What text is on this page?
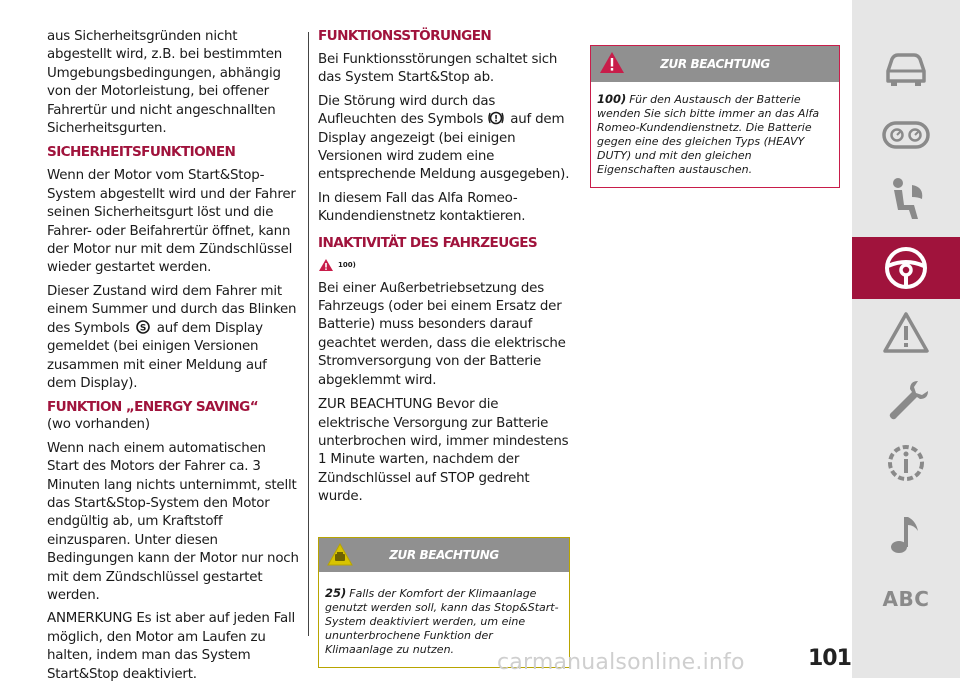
aus Sicherheitsgründen nicht abgestellt wird, z.B. bei bestimmten Umgebungsbedingungen, abhängig von der Motorleistung, bei offener Fahrertür und nicht angeschnallten Sicherheitsgurten.

SICHERHEITSFUNKTIONEN

Wenn der Motor vom Start&Stop-System abgestellt wird und der Fahrer seinen Sicherheitsgurt löst und die Fahrer- oder Beifahrertür öffnet, kann der Motor nur mit dem Zündschlüssel wieder gestartet werden.

Dieser Zustand wird dem Fahrer mit einem Summer und durch das Blinken des Symbols S auf dem Display gemeldet (bei einigen Versionen zusammen mit einer Meldung auf dem Display).

FUNKTION „ENERGY SAVING“

(wo vorhanden)

Wenn nach einem automatischen Start des Motors der Fahrer ca. 3 Minuten lang nichts unternimmt, stellt das Start&Stop-System den Motor endgültig ab, um Kraftstoff einzusparen. Unter diesen Bedingungen kann der Motor nur noch mit dem Zündschlüssel gestartet werden.

ANMERKUNG Es ist aber auf jeden Fall möglich, den Motor am Laufen zu halten, indem man das System Start&Stop deaktiviert.

FUNKTIONSSTÖRUNGEN

Bei Funktionsstörungen schaltet sich das System Start&Stop ab.

Die Störung wird durch das Aufleuchten des Symbols ! auf dem Display angezeigt (bei einigen Versionen wird zudem eine entsprechende Meldung ausgegeben).

In diesem Fall das Alfa Romeo-Kundendienstnetz kontaktieren.

INAKTIVITÄT DES FAHRZEUGES
100)

Bei einer Außerbetriebsetzung des Fahrzeugs (oder bei einem Ersatz der Batterie) muss besonders darauf geachtet werden, dass die elektrische Stromversorgung von der Batterie abgeklemmt wird.

ZUR BEACHTUNG Bevor die elektrische Versorgung zur Batterie unterbrochen wird, immer mindestens 1 Minute warten, nachdem der Zündschlüssel auf STOP gedreht wurde.

ZUR BEACHTUNG
25) Falls der Komfort der Klimaanlage genutzt werden soll, kann das Stop&Start-System deaktiviert werden, um eine ununterbrochene Funktion der Klimaanlage zu nutzen.
ZUR BEACHTUNG
100) Für den Austausch der Batterie wenden Sie sich bitte immer an das Alfa Romeo-Kundendienstnetz. Die Batterie gegen eine des gleichen Typs (HEAVY DUTY) und mit den gleichen Eigenschaften austauschen.
ABC
carmanualsonline.info	101
